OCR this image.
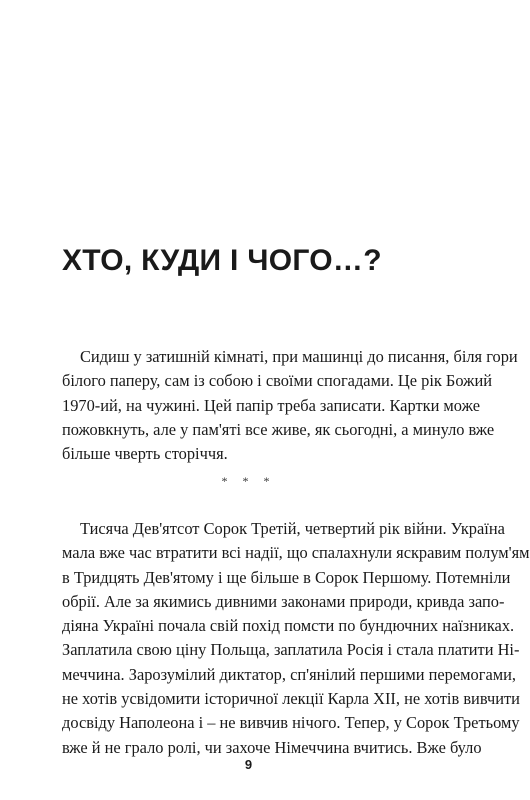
ХТО, КУДИ І ЧОГО…?
Сидиш у затишній кімнаті, при машинці до писання, біля гори
білого паперу, сам із собою і своїми спогадами. Це рік Божий
1970-ий, на чужині. Цей папір треба записати. Картки може
пожовкнуть, але у пам'яті все живе, як сьогодні, а минуло вже
більше чверть сторіччя.
* * *
Тисяча Дев'ятсот Сорок Третій, четвертий рік війни. Україна
мала вже час втратити всі надії, що спалахнули яскравим полум'ям
в Тридцять Дев'ятому і ще більше в Сорок Першому. Потемніли
обрії. Але за якимись дивними законами природи, кривда запо-
діяна Україні почала свій похід помсти по бундючних наїзниках.
Заплатила свою ціну Польща, заплатила Росія і стала платити Ні-
меччина. Зарозумілий диктатор, сп'янілий першими перемогами,
не хотів усвідомити історичної лекції Карла XII, не хотів вивчити
досвіду Наполеона і – не вивчив нічого. Тепер, у Сорок Третьому
вже й не грало ролі, чи захоче Німеччина вчитись. Вже було
9
